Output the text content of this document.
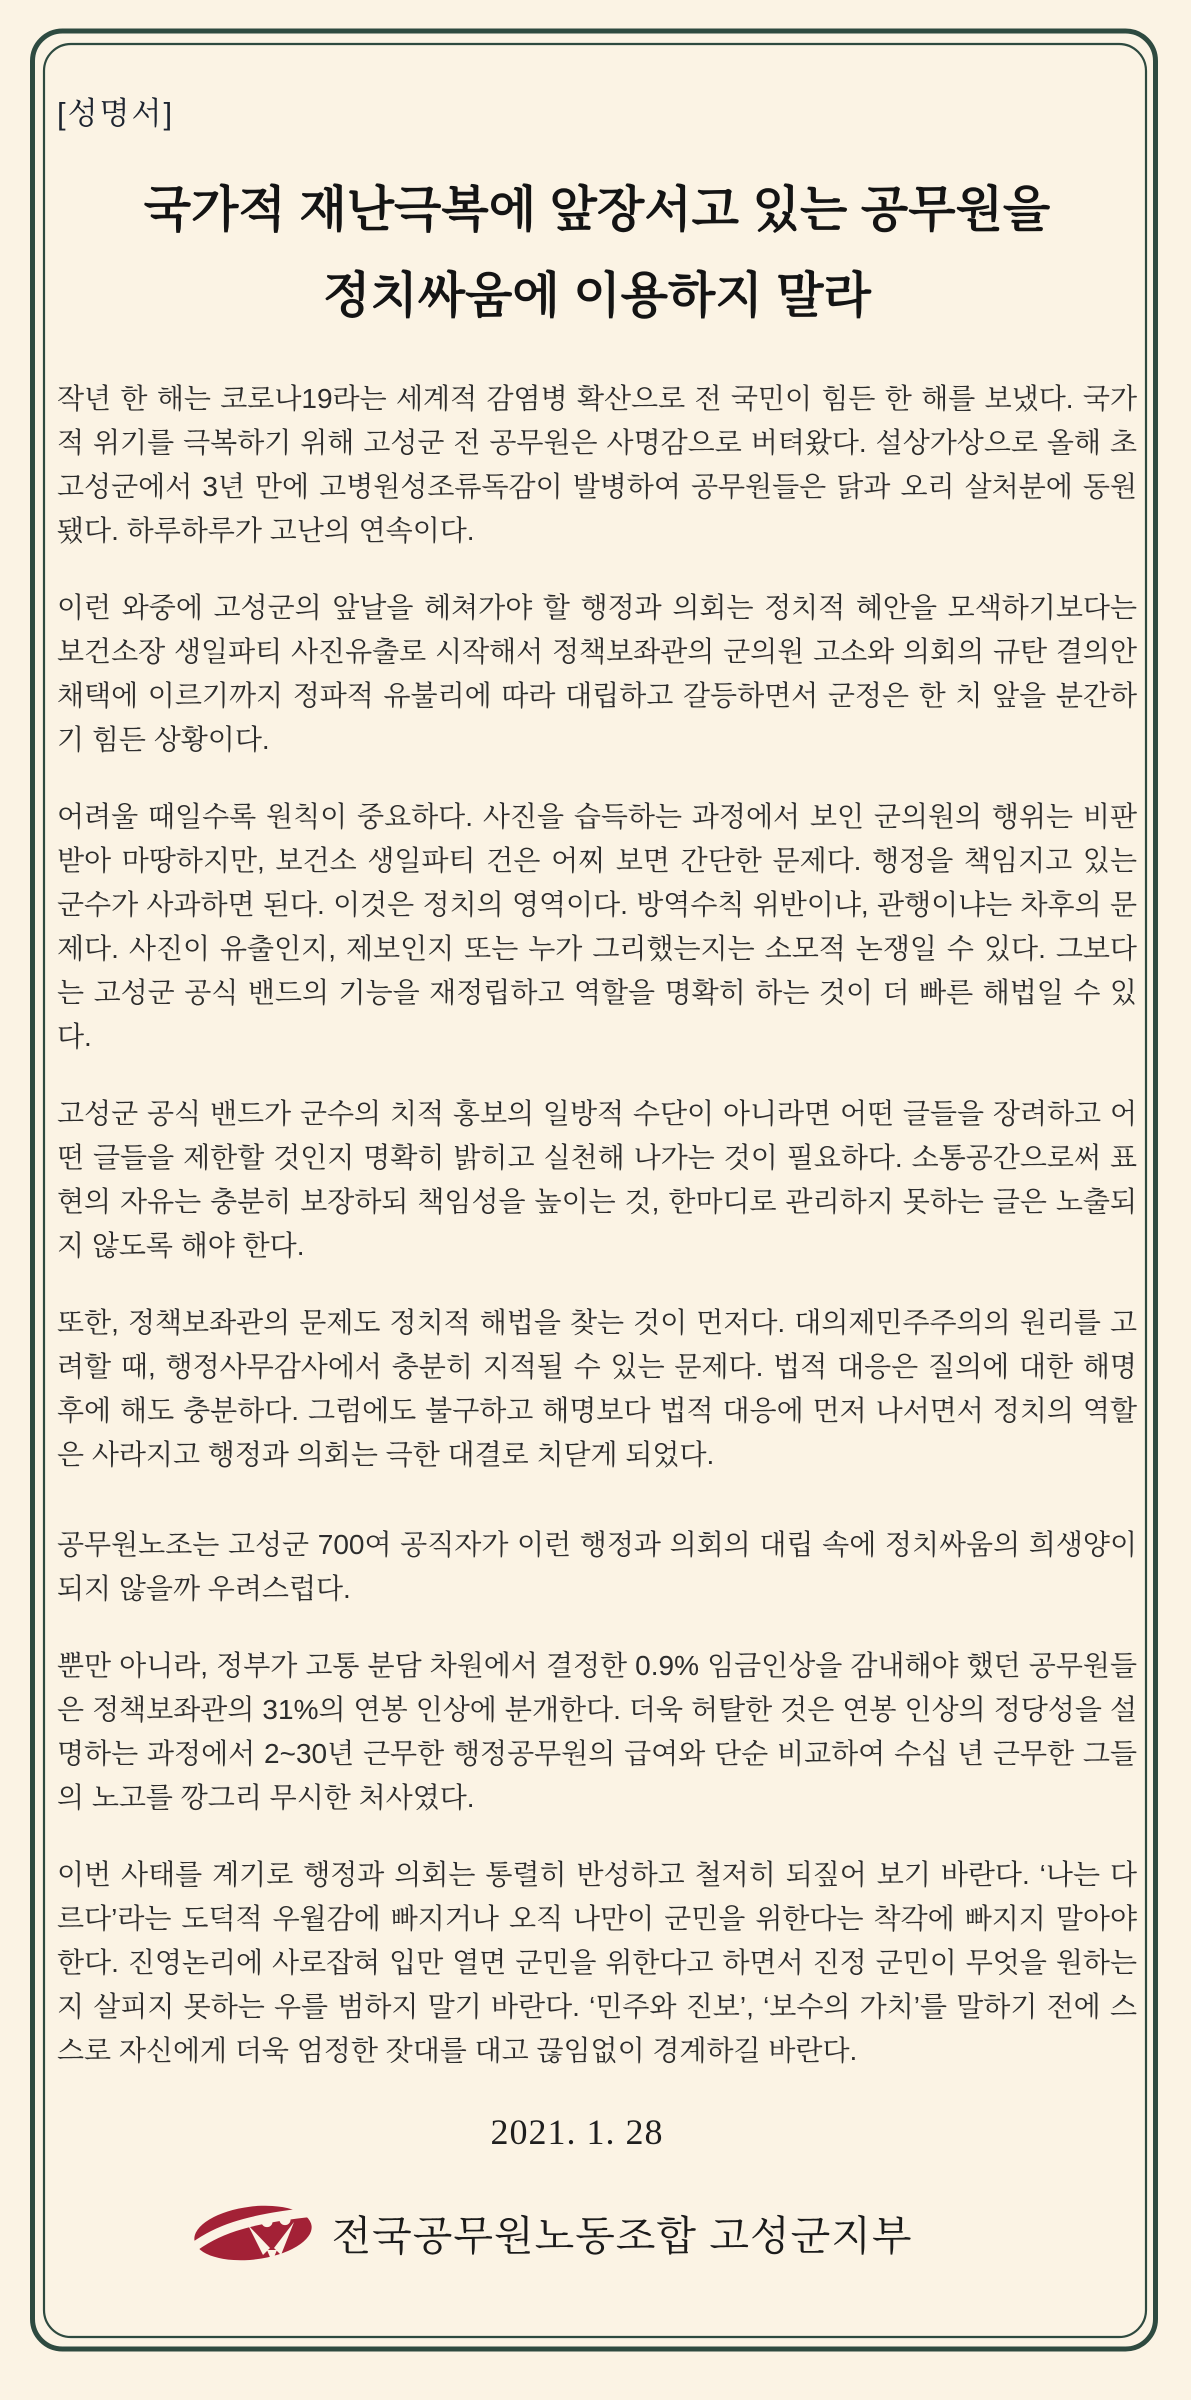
[성명서]
국가적 재난극복에 앞장서고 있는 공무원을
정치싸움에 이용하지 말라

작년 한 해는 코로나19라는 세계적 감염병 확산으로 전 국민이 힘든 한 해를 보냈다. 국가적 위기를 극복하기 위해 고성군 전 공무원은 사명감으로 버텨왔다. 설상가상으로 올해 초 고성군에서 3년 만에 고병원성조류독감이 발병하여 공무원들은 닭과 오리 살처분에 동원됐다. 하루하루가 고난의 연속이다.

이런 와중에 고성군의 앞날을 헤쳐가야 할 행정과 의회는 정치적 혜안을 모색하기보다는 보건소장 생일파티 사진유출로 시작해서 정책보좌관의 군의원 고소와 의회의 규탄 결의안 채택에 이르기까지 정파적 유불리에 따라 대립하고 갈등하면서 군정은 한 치 앞을 분간하기 힘든 상황이다.

어려울 때일수록 원칙이 중요하다. 사진을 습득하는 과정에서 보인 군의원의 행위는 비판받아 마땅하지만, 보건소 생일파티 건은 어찌 보면 간단한 문제다. 행정을 책임지고 있는 군수가 사과하면 된다. 이것은 정치의 영역이다. 방역수칙 위반이냐, 관행이냐는 차후의 문제다. 사진이 유출인지, 제보인지 또는 누가 그리했는지는 소모적 논쟁일 수 있다. 그보다는 고성군 공식 밴드의 기능을 재정립하고 역할을 명확히 하는 것이 더 빠른 해법일 수 있다.

고성군 공식 밴드가 군수의 치적 홍보의 일방적 수단이 아니라면 어떤 글들을 장려하고 어떤 글들을 제한할 것인지 명확히 밝히고 실천해 나가는 것이 필요하다. 소통공간으로써 표현의 자유는 충분히 보장하되 책임성을 높이는 것, 한마디로 관리하지 못하는 글은 노출되지 않도록 해야 한다.

또한, 정책보좌관의 문제도 정치적 해법을 찾는 것이 먼저다. 대의제민주주의의 원리를 고려할 때, 행정사무감사에서 충분히 지적될 수 있는 문제다. 법적 대응은 질의에 대한 해명 후에 해도 충분하다. 그럼에도 불구하고 해명보다 법적 대응에 먼저 나서면서 정치의 역할은 사라지고 행정과 의회는 극한 대결로 치닫게 되었다.

공무원노조는 고성군 700여 공직자가 이런 행정과 의회의 대립 속에 정치싸움의 희생양이 되지 않을까 우려스럽다.

뿐만 아니라, 정부가 고통 분담 차원에서 결정한 0.9% 임금인상을 감내해야 했던 공무원들은 정책보좌관의 31%의 연봉 인상에 분개한다. 더욱 허탈한 것은 연봉 인상의 정당성을 설명하는 과정에서 2~30년 근무한 행정공무원의 급여와 단순 비교하여 수십 년 근무한 그들의 노고를 깡그리 무시한 처사였다.

이번 사태를 계기로 행정과 의회는 통렬히 반성하고 철저히 되짚어 보기 바란다. ‘나는 다르다’라는 도덕적 우월감에 빠지거나 오직 나만이 군민을 위한다는 착각에 빠지지 말아야 한다. 진영논리에 사로잡혀 입만 열면 군민을 위한다고 하면서 진정 군민이 무엇을 원하는지 살피지 못하는 우를 범하지 말기 바란다. ‘민주와 진보’, ‘보수의 가치’를 말하기 전에 스스로 자신에게 더욱 엄정한 잣대를 대고 끊임없이 경계하길 바란다.

2021. 1. 28
전국공무원노동조합 고성군지부
